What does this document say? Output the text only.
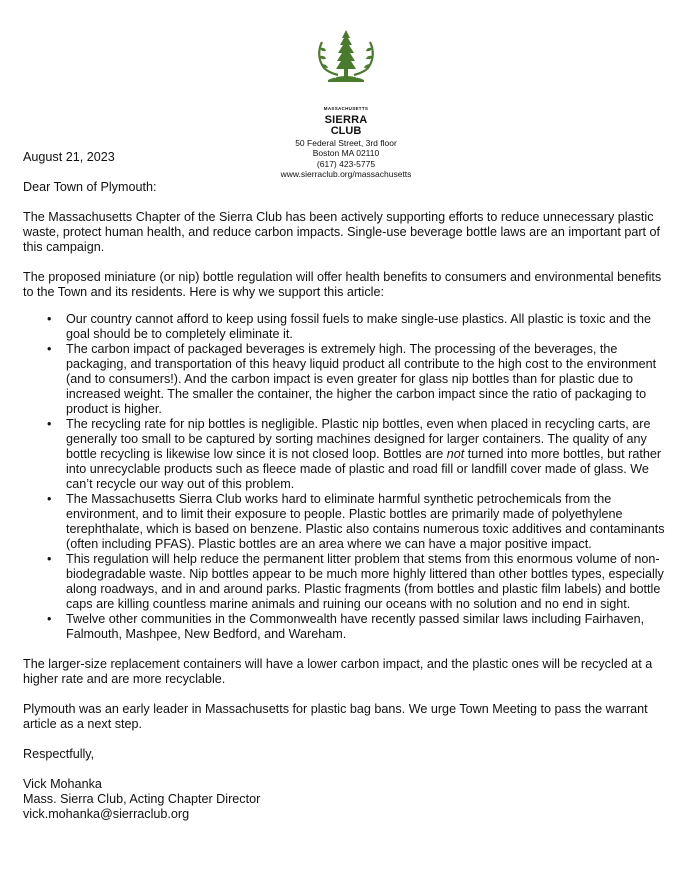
MASSACHUSETTS
SIERRA
CLUB
50 Federal Street, 3rd floor
Boston MA 02110
(617) 423-5775
www.sierraclub.org/massachusetts

August 21, 2023

Dear Town of Plymouth:

The Massachusetts Chapter of the Sierra Club has been actively supporting efforts to reduce unnecessary plastic waste, protect human health, and reduce carbon impacts. Single-use beverage bottle laws are an important part of this campaign.

The proposed miniature (or nip) bottle regulation will offer health benefits to consumers and environmental benefits to the Town and its residents. Here is why we support this article:

• Our country cannot afford to keep using fossil fuels to make single-use plastics. All plastic is toxic and the goal should be to completely eliminate it.
• The carbon impact of packaged beverages is extremely high. The processing of the beverages, the packaging, and transportation of this heavy liquid product all contribute to the high cost to the environment (and to consumers!). And the carbon impact is even greater for glass nip bottles than for plastic due to increased weight. The smaller the container, the higher the carbon impact since the ratio of packaging to product is higher.
• The recycling rate for nip bottles is negligible. Plastic nip bottles, even when placed in recycling carts, are generally too small to be captured by sorting machines designed for larger containers. The quality of any bottle recycling is likewise low since it is not closed loop. Bottles are not turned into more bottles, but rather into unrecyclable products such as fleece made of plastic and road fill or landfill cover made of glass. We can’t recycle our way out of this problem.
• The Massachusetts Sierra Club works hard to eliminate harmful synthetic petrochemicals from the environment, and to limit their exposure to people. Plastic bottles are primarily made of polyethylene terephthalate, which is based on benzene. Plastic also contains numerous toxic additives and contaminants (often including PFAS). Plastic bottles are an area where we can have a major positive impact.
• This regulation will help reduce the permanent litter problem that stems from this enormous volume of non-biodegradable waste. Nip bottles appear to be much more highly littered than other bottles types, especially along roadways, and in and around parks. Plastic fragments (from bottles and plastic film labels) and bottle caps are killing countless marine animals and ruining our oceans with no solution and no end in sight.
• Twelve other communities in the Commonwealth have recently passed similar laws including Fairhaven, Falmouth, Mashpee, New Bedford, and Wareham.

The larger-size replacement containers will have a lower carbon impact, and the plastic ones will be recycled at a higher rate and are more recyclable.

Plymouth was an early leader in Massachusetts for plastic bag bans. We urge Town Meeting to pass the warrant article as a next step.

Respectfully,

Vick Mohanka

Mass. Sierra Club, Acting Chapter Director

vick.mohanka@sierraclub.org
